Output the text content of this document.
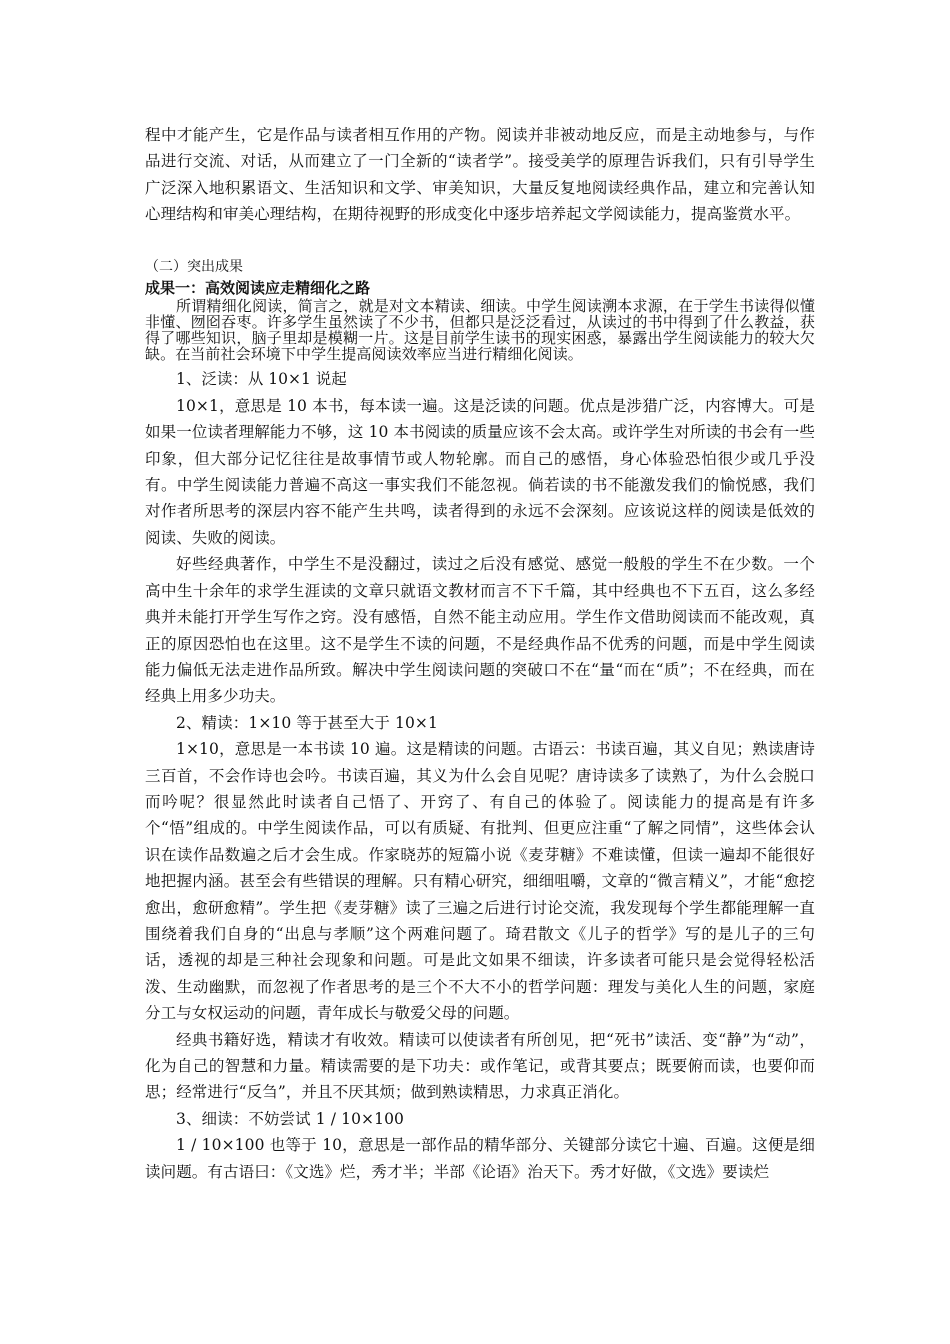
程中才能产生，它是作品与读者相互作用的产物。阅读并非被动地反应，而是主动地参与，与作品进行交流、对话，从而建立了一门全新的“读者学”。接受美学的原理告诉我们，只有引导学生广泛深入地积累语文、生活知识和文学、审美知识，大量反复地阅读经典作品，建立和完善认知心理结构和审美心理结构，在期待视野的形成变化中逐步培养起文学阅读能力，提高鉴赏水平。

（二）突出成果

成果一：高效阅读应走精细化之路

所谓精细化阅读，简言之，就是对文本精读、细读。中学生阅读溯本求源，在于学生书读得似懂非懂、囫囵吞枣。许多学生虽然读了不少书，但都只是泛泛看过，从读过的书中得到了什么教益，获得了哪些知识，脑子里却是模糊一片。这是目前学生读书的现实困惑，暴露出学生阅读能力的较大欠缺。在当前社会环境下中学生提高阅读效率应当进行精细化阅读。

1、泛读：从 10×1 说起

10×1，意思是 10 本书，每本读一遍。这是泛读的问题。优点是涉猎广泛，内容博大。可是如果一位读者理解能力不够，这 10 本书阅读的质量应该不会太高。或许学生对所读的书会有一些印象，但大部分记忆往往是故事情节或人物轮廓。而自己的感悟，身心体验恐怕很少或几乎没有。中学生阅读能力普遍不高这一事实我们不能忽视。倘若读的书不能激发我们的愉悦感，我们对作者所思考的深层内容不能产生共鸣，读者得到的永远不会深刻。应该说这样的阅读是低效的阅读、失败的阅读。

好些经典著作，中学生不是没翻过，读过之后没有感觉、感觉一般般的学生不在少数。一个高中生十余年的求学生涯读的文章只就语文教材而言不下千篇，其中经典也不下五百，这么多经典并未能打开学生写作之窍。没有感悟，自然不能主动应用。学生作文借助阅读而不能改观，真正的原因恐怕也在这里。这不是学生不读的问题，不是经典作品不优秀的问题，而是中学生阅读能力偏低无法走进作品所致。解决中学生阅读问题的突破口不在“量“而在“质”；不在经典，而在经典上用多少功夫。

2、精读：1×10 等于甚至大于 10×1

1×10，意思是一本书读 10 遍。这是精读的问题。古语云：书读百遍，其义自见；熟读唐诗三百首，不会作诗也会吟。书读百遍，其义为什么会自见呢？唐诗读多了读熟了，为什么会脱口而吟呢？很显然此时读者自己悟了、开窍了、有自己的体验了。阅读能力的提高是有许多个“悟”组成的。中学生阅读作品，可以有质疑、有批判、但更应注重“了解之同情”，这些体会认识在读作品数遍之后才会生成。作家晓苏的短篇小说《麦芽糖》不难读懂，但读一遍却不能很好地把握内涵。甚至会有些错误的理解。只有精心研究，细细咀嚼，文章的“微言精义”，才能“愈挖愈出，愈研愈精”。学生把《麦芽糖》读了三遍之后进行讨论交流，我发现每个学生都能理解一直围绕着我们自身的“出息与孝顺”这个两难问题了。琦君散文《儿子的哲学》写的是儿子的三句话，透视的却是三种社会现象和问题。可是此文如果不细读，许多读者可能只是会觉得轻松活泼、生动幽默，而忽视了作者思考的是三个不大不小的哲学问题：理发与美化人生的问题，家庭分工与女权运动的问题，青年成长与敬爱父母的问题。

经典书籍好选，精读才有收效。精读可以使读者有所创见，把“死书”读活、变“静”为“动”，化为自己的智慧和力量。精读需要的是下功夫：或作笔记，或背其要点；既要俯而读，也要仰而思；经常进行“反刍”，并且不厌其烦；做到熟读精思，力求真正消化。

3、细读：不妨尝试 1 / 10×100

1 / 10×100 也等于 10，意思是一部作品的精华部分、关键部分读它十遍、百遍。这便是细读问题。有古语曰：《文选》烂，秀才半；半部《论语》治天下。秀才好做，《文选》要读烂
